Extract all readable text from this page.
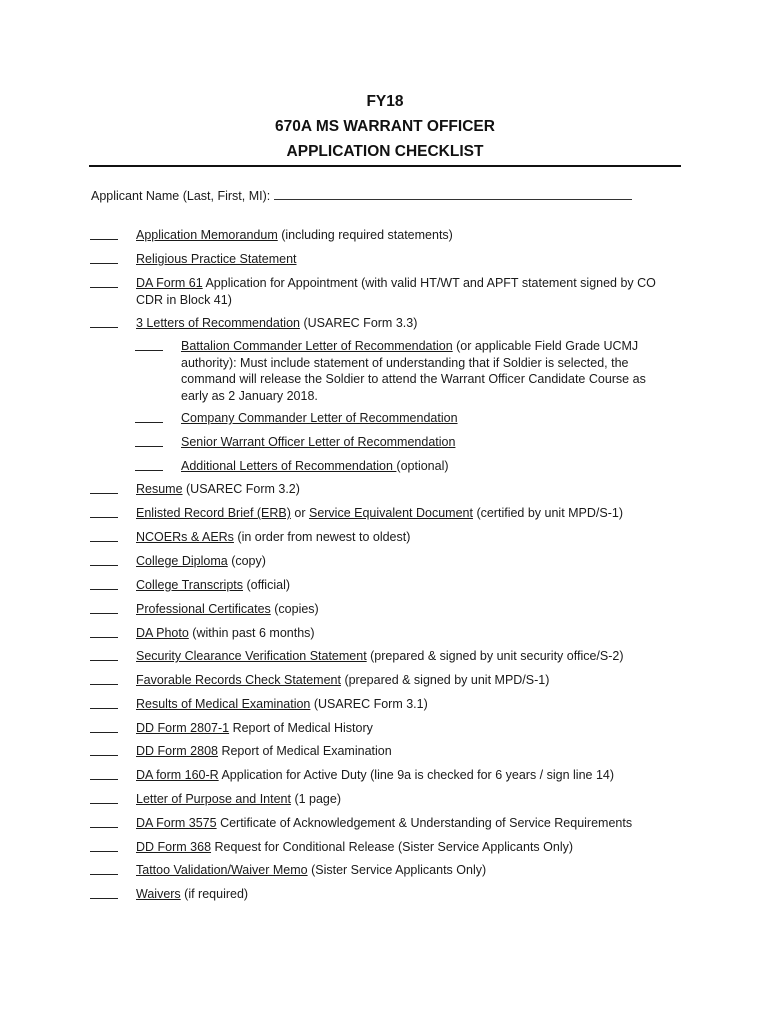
FY18
670A MS WARRANT OFFICER
APPLICATION CHECKLIST
Applicant Name (Last, First, MI):
Application Memorandum (including required statements)
Religious Practice Statement
DA Form 61 Application for Appointment (with valid HT/WT and APFT statement signed by CO CDR in Block 41)
3 Letters of Recommendation (USAREC Form 3.3)
Battalion Commander Letter of Recommendation (or applicable Field Grade UCMJ authority): Must include statement of understanding that if Soldier is selected, the command will release the Soldier to attend the Warrant Officer Candidate Course as early as 2 January 2018.
Company Commander Letter of Recommendation
Senior Warrant Officer Letter of Recommendation
Additional Letters of Recommendation (optional)
Resume (USAREC Form 3.2)
Enlisted Record Brief (ERB) or Service Equivalent Document (certified by unit MPD/S-1)
NCOERs & AERs (in order from newest to oldest)
College Diploma (copy)
College Transcripts (official)
Professional Certificates (copies)
DA Photo (within past 6 months)
Security Clearance Verification Statement (prepared & signed by unit security office/S-2)
Favorable Records Check Statement (prepared & signed by unit MPD/S-1)
Results of Medical Examination (USAREC Form 3.1)
DD Form 2807-1 Report of Medical History
DD Form 2808 Report of Medical Examination
DA form 160-R Application for Active Duty (line 9a is checked for 6 years / sign line 14)
Letter of Purpose and Intent (1 page)
DA Form 3575 Certificate of Acknowledgement & Understanding of Service Requirements
DD Form 368 Request for Conditional Release (Sister Service Applicants Only)
Tattoo Validation/Waiver Memo (Sister Service Applicants Only)
Waivers (if required)
